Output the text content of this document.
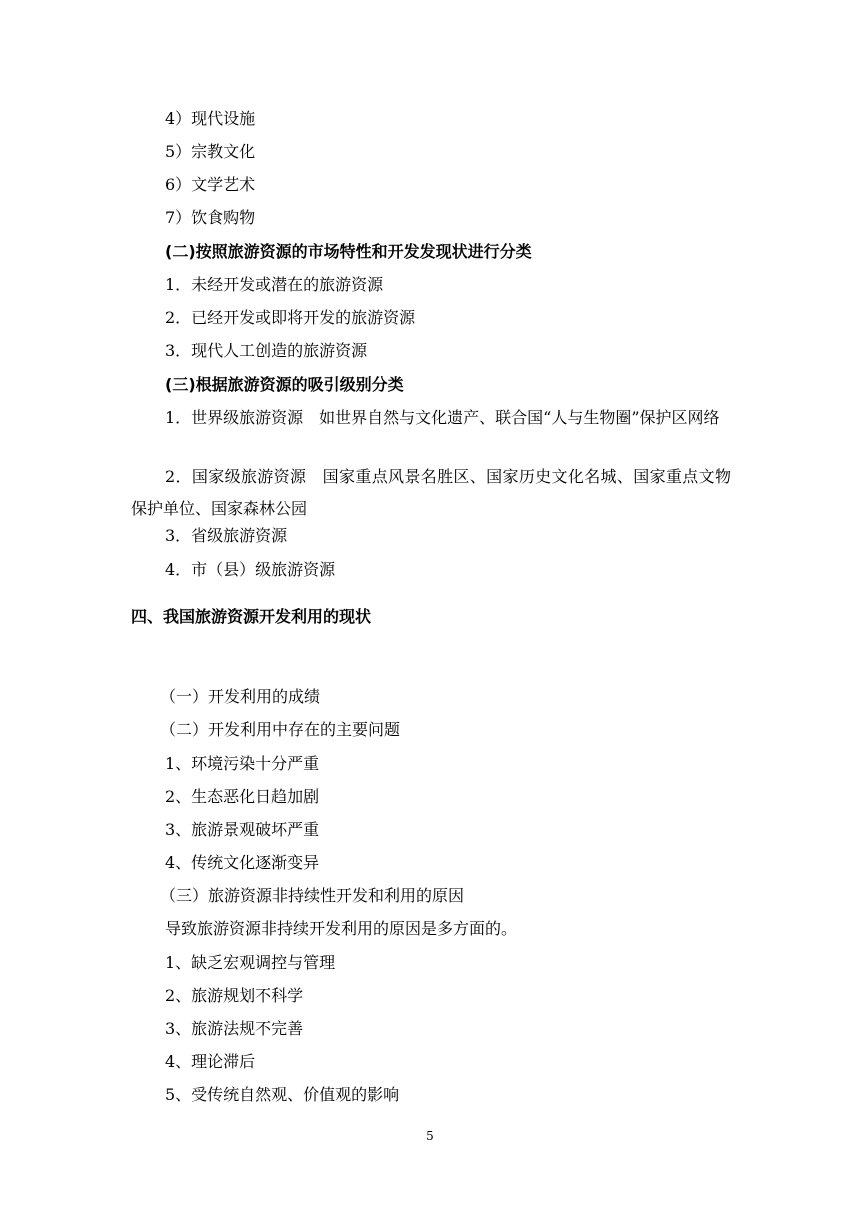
4）现代设施
5）宗教文化
6）文学艺术
7）饮食购物
(二)按照旅游资源的市场特性和开发发现状进行分类
1．未经开发或潜在的旅游资源
2．已经开发或即将开发的旅游资源
3．现代人工创造的旅游资源
(三)根据旅游资源的吸引级别分类
1．世界级旅游资源　如世界自然与文化遗产、联合国“人与生物圈”保护区网络
2．国家级旅游资源　国家重点风景名胜区、国家历史文化名城、国家重点文物保护单位、国家森林公园
3．省级旅游资源
4．市（县）级旅游资源
四、我国旅游资源开发利用的现状
（一）开发利用的成绩
（二）开发利用中存在的主要问题
1、环境污染十分严重
2、生态恶化日趋加剧
3、旅游景观破坏严重
4、传统文化逐渐变异
（三）旅游资源非持续性开发和利用的原因
导致旅游资源非持续开发利用的原因是多方面的。
1、缺乏宏观调控与管理
2、旅游规划不科学
3、旅游法规不完善
4、理论滞后
5、受传统自然观、价值观的影响
5
